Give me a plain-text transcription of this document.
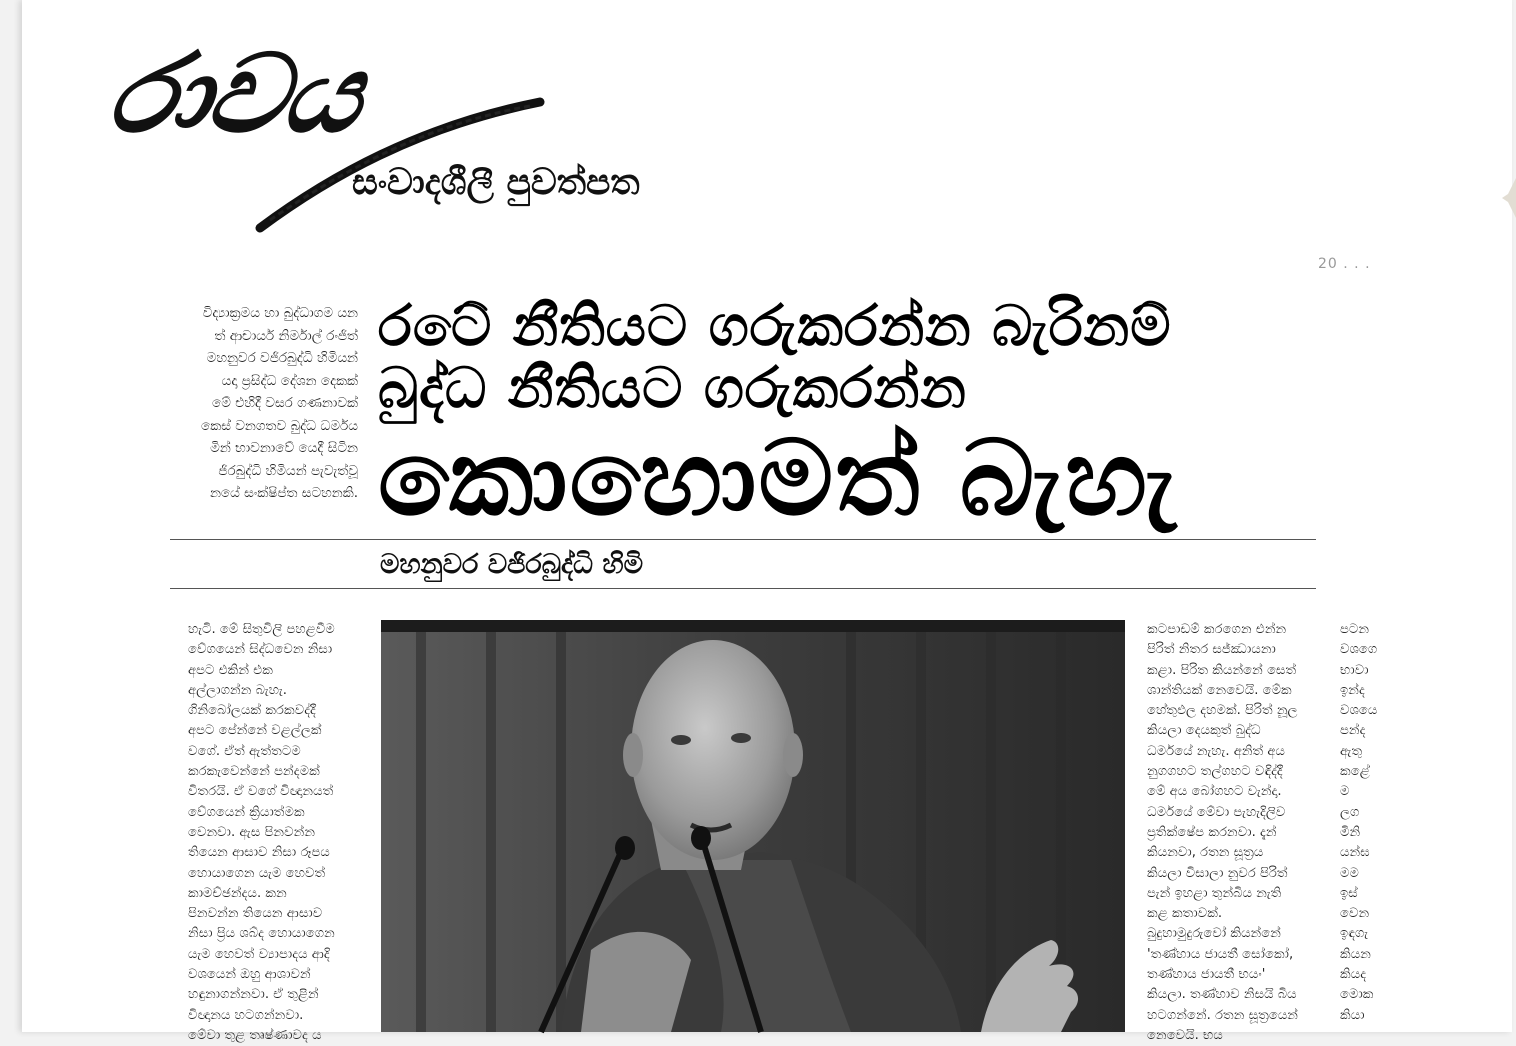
රාවය
සංවාදශීලී පුවත්පත
20 . . .
විද්‍යාක්‍රමය හා බුද්ධාගම යන
ත් ආචාර්ය නිර්මාල් රංජිත්
මහනුවර වජිරබුද්ධි හිමියන්
යදා ප්‍රසිද්ධ දේශන දෙකක්
මේ එහිදී වසර ගණනාවක්
කෙස් වනගතව බුද්ධ ධර්මය
මින් භාවනාවේ යෙදී සිටින
ජිරබුද්ධි හිමියන් පැවැත්වූ
නයේ සංක්ෂිප්ත සටහනකි.
රටේ නීතියට ගරුකරන්න බැරිනම්
බුද්ධ නීතියට ගරුකරන්න
කොහොමත් බැහැ
මහනුවර වජිරබුද්ධි හිමි
හැටි. මේ සිතුවිලි පහළවීම
වේගයෙන් සිද්ධවෙන නිසා
අපට එකින් එක
අල්ලාගන්න බැහැ.
ගිනිබෝලයක් කරකවද්දී
අපට පේන්නේ වළල්ලක්
වගේ. ඒත් ඇත්තටම
කරකැවෙන්නේ පන්දමක්
විතරයි. ඒ වගේ විඥානයත්
වේගයෙන් ක්‍රියාත්මක
වෙනවා. ඇස පිනවන්න
තියෙන ආසාව නිසා රූපය
හොයාගෙන යැම හෙවත්
කාමච්ඡන්දය. කන
පිනවන්න තියෙන ආසාව
නිසා ප්‍රිය ශබ්ද හොයාගෙන
යැම හෙවත් ව්‍යාපාදය ආදි
වශයෙන් ඔහු ආශාවන්
හඳුනාගන්නවා. ඒ තුළින්
විඥානය හටගන්නවා.
මේවා තුළ තෘෂ්ණාවද ය
කටපාඩම් කරගෙන එන්න
පිරිත් නිතර සජ්ඣායනා
කළා. පිරිත කියන්නේ සෙත්
ශාන්තියක් නෙවෙයි. මේක
හේතුඵල දහමක්. පිරිත් නූල
කියලා දෙයකුත් බුද්ධ
ධර්මයේ නැහැ. අනිත් අය
නුගගහට තල්ගහට වඳිද්දී
මේ අය බෝගහට වැන්දා.
ධර්මයේ මේවා පැහැදිලිව
ප්‍රතික්ෂේප කරනවා. දැන්
කියනවා, රතන සූත්‍රය
කියලා විසාලා නුවර පිරිත්
පැන් ඉහළා තුන්බිය නැති
කළ කතාවක්.
බුදුහාමුදුරුවෝ කියන්නේ
'තණ්හාය ජායතී සෝකෝ,
තණ්හාය ජායතී භයං'
කියලා. තණ්හාව නිසයි බිය
හටගන්නේ. රතන සූත්‍රයෙන්
නෙවෙයි. භය
පටන
වශගෙ
භාවා
ඉන්ද
වශයෙ
පන්ද
ඇතු
කළේ
ම
ලග
මිනි
යන්ඝ
මම
ඉස්
වෙන
ඉඳගැ
කියන
කියද
මොක
කියා
